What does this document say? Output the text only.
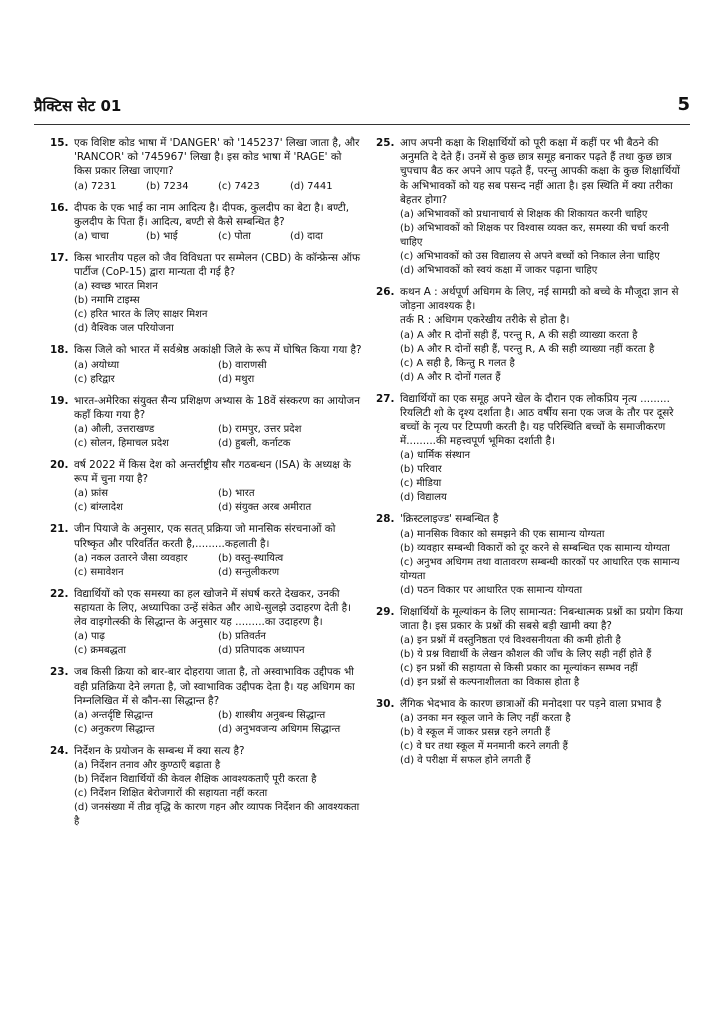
प्रैक्टिस सेट 01	5
15. एक विशिष्ट कोड भाषा में 'DANGER' को '145237' लिखा जाता है, और 'RANCOR' को '745967' लिखा है। इस कोड भाषा में 'RAGE' को किस प्रकार लिखा जाएगा?
(a) 7231	(b) 7234	(c) 7423	(d) 7441
16. दीपक के एक भाई का नाम आदित्य है। दीपक, कुलदीप का बेटा है। बण्टी, कुलदीप के पिता हैं। आदित्य, बण्टी से कैसे सम्बन्धित है?
(a) चाचा	(b) भाई	(c) पोता	(d) दादा
17. किस भारतीय पहल को जैव विविधता पर सम्मेलन (CBD) के कॉन्फ्रेन्स ऑफ पार्टीज (CoP-15) द्वारा मान्यता दी गई है?
(a) स्वच्छ भारत मिशन
(b) नमामि टाइम्स
(c) हरित भारत के लिए साक्षर मिशन
(d) वैश्विक जल परियोजना
18. किस जिले को भारत में सर्वश्रेष्ठ अकांक्षी जिले के रूप में घोषित किया गया है?
(a) अयोध्या	(b) वाराणसी
(c) हरिद्वार	(d) मथुरा
19. भारत-अमेरिका संयुक्त सैन्य प्रशिक्षण अभ्यास के 18वें संस्करण का आयोजन कहाँ किया गया है?
(a) औली, उत्तराखण्ड	(b) रामपुर, उत्तर प्रदेश
(c) सोलन, हिमाचल प्रदेश	(d) हुबली, कर्नाटक
20. वर्ष 2022 में किस देश को अन्तर्राष्ट्रीय सौर गठबन्धन (ISA) के अध्यक्ष के रूप में चुना गया है?
(a) फ्रांस	(b) भारत
(c) बांग्लादेश	(d) संयुक्त अरब अमीरात
21. जीन पियाजे के अनुसार, एक सतत् प्रक्रिया जो मानसिक संरचनाओं को परिष्कृत और परिवर्तित करती है,.........कहलाती है।
(a) नकल उतारने जैसा व्यवहार	(b) वस्तु-स्थायित्व
(c) समावेशन	(d) सन्तुलीकरण
22. विद्यार्थियों को एक समस्या का हल खोजने में संघर्ष करते देखकर, उनकी सहायता के लिए, अध्यापिका उन्हें संकेत और आधे-सुलझे उदाहरण देती है। लेव वाइगोत्स्की के सिद्धान्त के अनुसार यह .........का उदाहरण है।
(a) पाढ़	(b) प्रतिवर्तन
(c) क्रमबद्धता	(d) प्रतिपादक अध्यापन
23. जब किसी क्रिया को बार-बार दोहराया जाता है, तो अस्वाभाविक उद्दीपक भी वही प्रतिक्रिया देने लगता है, जो स्वाभाविक उद्दीपक देता है। यह अधिगम का निम्नलिखित में से कौन-सा सिद्धान्त है?
(a) अन्तर्दृष्टि सिद्धान्त	(b) शास्त्रीय अनुबन्ध सिद्धान्त
(c) अनुकरण सिद्धान्त	(d) अनुभवजन्य अधिगम सिद्धान्त
24. निर्देशन के प्रयोजन के सम्बन्ध में क्या सत्य है?
(a) निर्देशन तनाव और कुण्ठाएँ बढ़ाता है
(b) निर्देशन विद्यार्थियों की केवल शैक्षिक आवश्यकताएँ पूरी करता है
(c) निर्देशन शिक्षित बेरोजगारों की सहायता नहीं करता
(d) जनसंख्या में तीव्र वृद्धि के कारण गहन और व्यापक निर्देशन की आवश्यकता है
25. आप अपनी कक्षा के शिक्षार्थियों को पूरी कक्षा में कहीं पर भी बैठने की अनुमति दे देते हैं। उनमें से कुछ छात्र समूह बनाकर पढ़ते हैं तथा कुछ छात्र चुपचाप बैठ कर अपने आप पढ़ते हैं, परन्तु आपकी कक्षा के कुछ शिक्षार्थियों के अभिभावकों को यह सब पसन्द नहीं आता है। इस स्थिति में क्या तरीका बेहतर होगा?
(a) अभिभावकों को प्रधानाचार्य से शिक्षक की शिकायत करनी चाहिए
(b) अभिभावकों को शिक्षक पर विश्वास व्यक्त कर, समस्या की चर्चा करनी चाहिए
(c) अभिभावकों को उस विद्यालय से अपने बच्चों को निकाल लेना चाहिए
(d) अभिभावकों को स्वयं कक्षा में जाकर पढ़ाना चाहिए
26. कथन A : अर्थपूर्ण अधिगम के लिए, नई सामग्री को बच्चे के मौजूदा ज्ञान से जोड़ना आवश्यक है।
तर्क R : अधिगम एकरेखीय तरीके से होता है।
(a) A और R दोनों सही हैं, परन्तु R, A की सही व्याख्या करता है
(b) A और R दोनों सही हैं, परन्तु R, A की सही व्याख्या नहीं करता है
(c) A सही है, किन्तु R गलत है
(d) A और R दोनों गलत हैं
27. विद्यार्थियों का एक समूह अपने खेल के दौरान एक लोकप्रिय नृत्य ......... रियलिटी शो के दृश्य दर्शाता है। आठ वर्षीय सना एक जज के तौर पर दूसरे बच्चों के नृत्य पर टिप्पणी करती है। यह परिस्थिति बच्चों के समाजीकरण में.........की महत्त्वपूर्ण भूमिका दर्शाती है।
(a) धार्मिक संस्थान
(b) परिवार
(c) मीडिया
(d) विद्यालय
28. 'क्रिस्टलाइज्ड' सम्बन्धित है
(a) मानसिक विकार को समझने की एक सामान्य योग्यता
(b) व्यवहार सम्बन्धी विकारों को दूर करने से सम्बन्धित एक सामान्य योग्यता
(c) अनुभव अधिगम तथा वातावरण सम्बन्धी कारकों पर आधारित एक सामान्य योग्यता
(d) पठन विकार पर आधारित एक सामान्य योग्यता
29. शिक्षार्थियों के मूल्यांकन के लिए सामान्यत: निबन्धात्मक प्रश्नों का प्रयोग किया जाता है। इस प्रकार के प्रश्नों की सबसे बड़ी खामी क्या है?
(a) इन प्रश्नों में वस्तुनिष्ठता एवं विश्वसनीयता की कमी होती है
(b) ये प्रश्न विद्यार्थी के लेखन कौशल की जाँच के लिए सही नहीं होते हैं
(c) इन प्रश्नों की सहायता से किसी प्रकार का मूल्यांकन सम्भव नहीं
(d) इन प्रश्नों से कल्पनाशीलता का विकास होता है
30. लैंगिक भेदभाव के कारण छात्राओं की मनोदशा पर पड़ने वाला प्रभाव है
(a) उनका मन स्कूल जाने के लिए नहीं करता है
(b) वे स्कूल में जाकर प्रसन्न रहने लगती हैं
(c) वे घर तथा स्कूल में मनमानी करने लगती हैं
(d) वे परीक्षा में सफल होने लगती हैं
